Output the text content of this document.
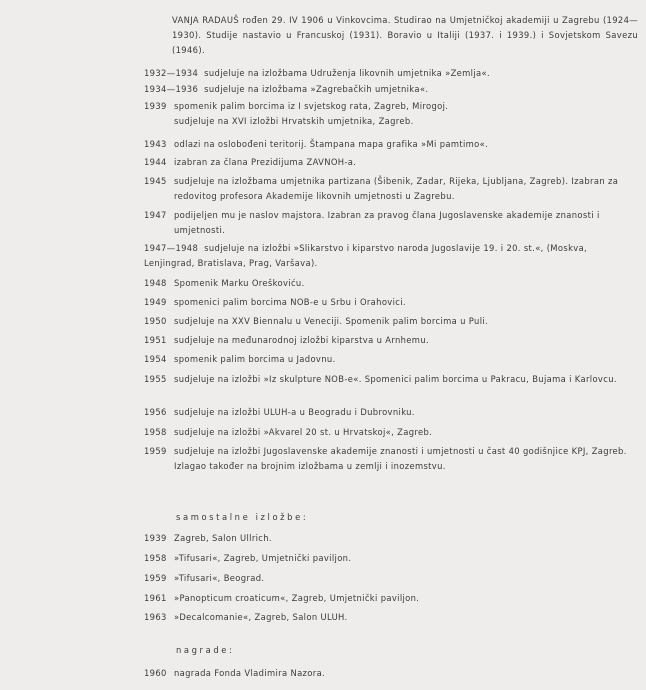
VANJA RADAUŠ rođen 29. IV 1906 u Vinkovcima. Studirao na Umjetničkoj akademiji u Zagrebu (1924—1930). Studije nastavio u Francuskoj (1931). Boravio u Italiji (1937. i 1939.) i Sovjetskom Savezu (1946).

1932—1934 sudjeluje na izložbama Udruženja likovnih umjetnika »Zemlja«.
1934—1936 sudjeluje na izložbama »Zagrebačkih umjetnika«.
1939 spomenik palim borcima iz I svjetskog rata, Zagreb, Mirogoj.
sudjeluje na XVI izložbi Hrvatskih umjetnika, Zagreb.
1943 odlazi na oslobođeni teritorij. Štampana mapa grafika »Mi pamtimo«.
1944 izabran za člana Prezidijuma ZAVNOH-a.
1945 sudjeluje na izložbama umjetnika partizana (Šibenik, Zadar, Rijeka, Ljubljana, Zagreb). Izabran za redovitog profesora Akademije likovnih umjetnosti u Zagrebu.
1947 podijeljen mu je naslov majstora. Izabran za pravog člana Jugoslavenske akademije znanosti i umjetnosti.
1947—1948 sudjeluje na izložbi »Slikarstvo i kiparstvo naroda Jugoslavije 19. i 20. st.«, (Moskva, Lenjingrad, Bratislava, Prag, Varšava).
1948 Spomenik Marku Oreškoviću.
1949 spomenici palim borcima NOB-e u Srbu i Orahovici.
1950 sudjeluje na XXV Biennalu u Veneciji. Spomenik palim borcima u Puli.
1951 sudjeluje na međunarodnoj izložbi kiparstva u Arnhemu.
1954 spomenik palim borcima u Jadovnu.
1955 sudjeluje na izložbi »Iz skulpture NOB-e«. Spomenici palim borcima u Pakracu, Bujama i Karlovcu.
1956 sudjeluje na izložbi ULUH-a u Beogradu i Dubrovniku.
1958 sudjeluje na izložbi »Akvarel 20 st. u Hrvatskoj«, Zagreb.
1959 sudjeluje na izložbi Jugoslavenske akademije znanosti i umjetnosti u čast 40 godišnjice KPJ, Zagreb.
Izlagao također na brojnim izložbama u zemlji i inozemstvu.
samostalne izložbe:
1939 Zagreb, Salon Ullrich.
1958 »Tifusari«, Zagreb, Umjetnički paviljon.
1959 »Tifusari«, Beograd.
1961 »Panopticum croaticum«, Zagreb, Umjetnički paviljon.
1963 »Decalcomanie«, Zagreb, Salon ULUH.
nagrade:
1960 nagrada Fonda Vladimira Nazora.
